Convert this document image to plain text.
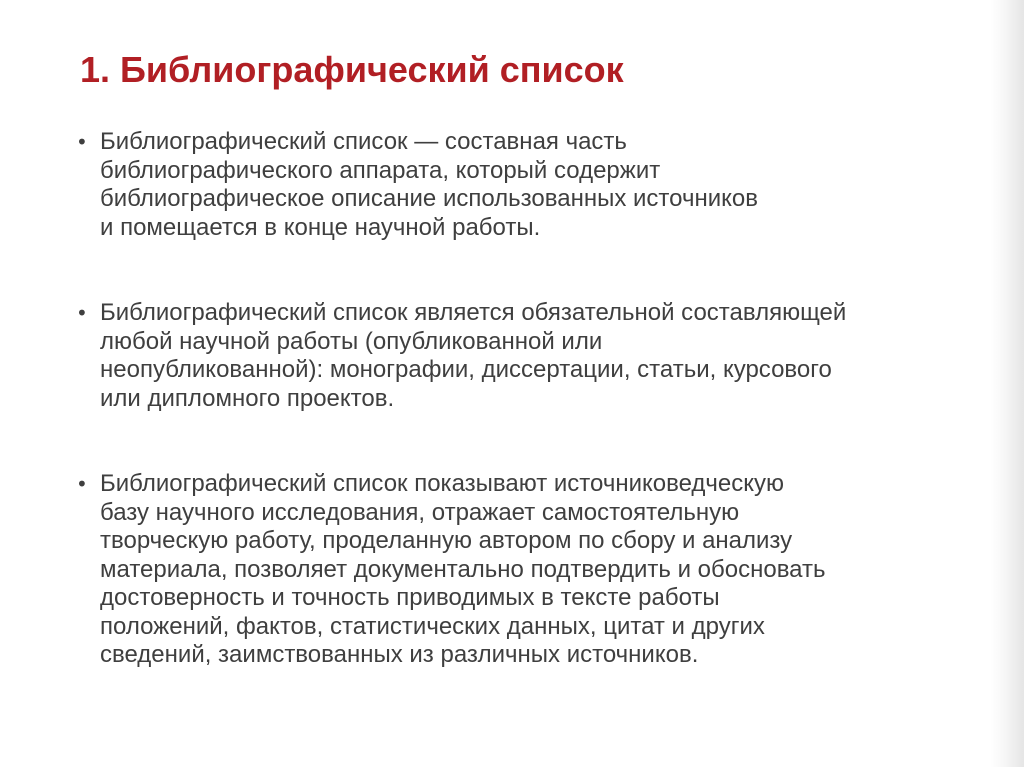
1. Библиографический список
• Библиографический список — составная часть
библиографического аппарата, который содержит
библиографическое описание использованных источников
и помещается в конце научной работы.
• Библиографический список является обязательной составляющей
любой научной работы (опубликованной или
неопубликованной): монографии, диссертации, статьи, курсового
или дипломного проектов.
• Библиографический список показывают источниковедческую
базу научного исследования, отражает самостоятельную
творческую работу, проделанную автором по сбору и анализу
материала, позволяет документально подтвердить и обосновать
достоверность и точность приводимых в тексте работы
положений, фактов, статистических данных, цитат и других
сведений, заимствованных из различных источников.
